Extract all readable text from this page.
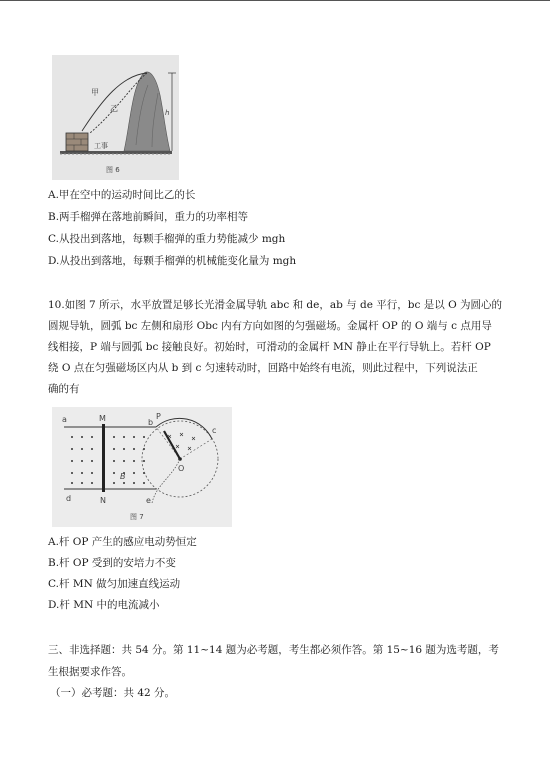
甲
乙	h
工事
图 6
A.甲在空中的运动时间比乙的长
B.两手榴弹在落地前瞬间，重力的功率相等
C.从投出到落地，每颗手榴弹的重力势能减少 mgh
D.从投出到落地，每颗手榴弹的机械能变化量为 mgh
10.如图 7 所示，水平放置足够长光滑金属导轨 abc 和 de，ab 与 de 平行，bc 是以 O 为圆心的
圆规导轨，圆弧 bc 左侧和扇形 Obc 内有方向如图的匀强磁场。金属杆 OP 的 O 端与 c 点用导
线相接，P 端与圆弧 bc 接触良好。初始时，可滑动的金属杆 MN 静止在平行导轨上。若杆 OP
绕 O 点在匀强磁场区内从 b 到 c 匀速转动时，回路中始终有电流，则此过程中，下列说法正
确的有
a	M	b
P
c
O
d	N	e
B
图 7
A.杆 OP 产生的感应电动势恒定
B.杆 OP 受到的安培力不变
C.杆 MN 做匀加速直线运动
D.杆 MN 中的电流减小
三、非选择题：共 54 分。第 11~14 题为必考题，考生都必须作答。第 15~16 题为选考题，考
生根据要求作答。
（一）必考题：共 42 分。
